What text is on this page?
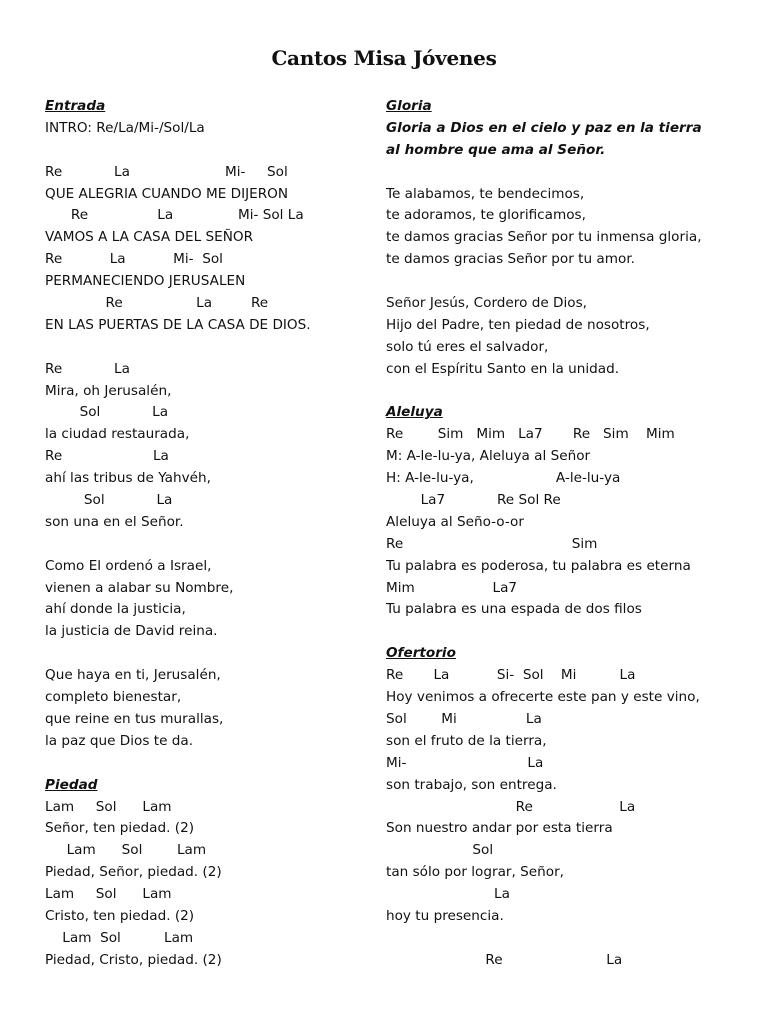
Cantos Misa Jóvenes
Entrada
INTRO: Re/La/Mi-/Sol/La
Re            La                      Mi-     Sol
QUE ALEGRIA CUANDO ME DIJERON
Re                La               Mi- Sol La
VAMOS A LA CASA DEL SEÑOR
Re           La           Mi-  Sol
PERMANECIENDO JERUSALEN
Re                 La         Re
EN LAS PUERTAS DE LA CASA DE DIOS.
Re            La
Mira, oh Jerusalén,
Sol            La
la ciudad restaurada,
Re                     La
ahí las tribus de Yahvéh,
Sol            La
son una en el Señor.
Como El ordenó a Israel,
vienen a alabar su Nombre,
ahí donde la justicia,
la justicia de David reina.
Que haya en ti, Jerusalén,
completo bienestar,
que reine en tus murallas,
la paz que Dios te da.
Piedad
Lam     Sol      Lam
Señor, ten piedad. (2)
Lam      Sol        Lam
Piedad, Señor, piedad. (2)
Lam     Sol      Lam
Cristo, ten piedad. (2)
Lam  Sol          Lam
Piedad, Cristo, piedad. (2)
Gloria
Gloria a Dios en el cielo y paz en la tierra
al hombre que ama al Señor.
Te alabamos, te bendecimos,
te adoramos, te glorificamos,
te damos gracias Señor por tu inmensa gloria,
te damos gracias Señor por tu amor.
Señor Jesús, Cordero de Dios,
Hijo del Padre, ten piedad de nosotros,
solo tú eres el salvador,
con el Espíritu Santo en la unidad.
Aleluya
Re        Sim   Mim   La7       Re   Sim    Mim
M: A-le-lu-ya, Aleluya al Señor
H: A-le-lu-ya,                   A-le-lu-ya
La7            Re Sol Re
Aleluya al Seño-o-or
Re                                       Sim
Tu palabra es poderosa, tu palabra es eterna
Mim                  La7
Tu palabra es una espada de dos filos
Ofertorio
Re       La           Si-  Sol    Mi          La
Hoy venimos a ofrecerte este pan y este vino,
Sol        Mi                La
son el fruto de la tierra,
Mi-                            La
son trabajo, son entrega.
Re                    La
Son nuestro andar por esta tierra
Sol
tan sólo por lograr, Señor,
La
hoy tu presencia.
Re                        La
